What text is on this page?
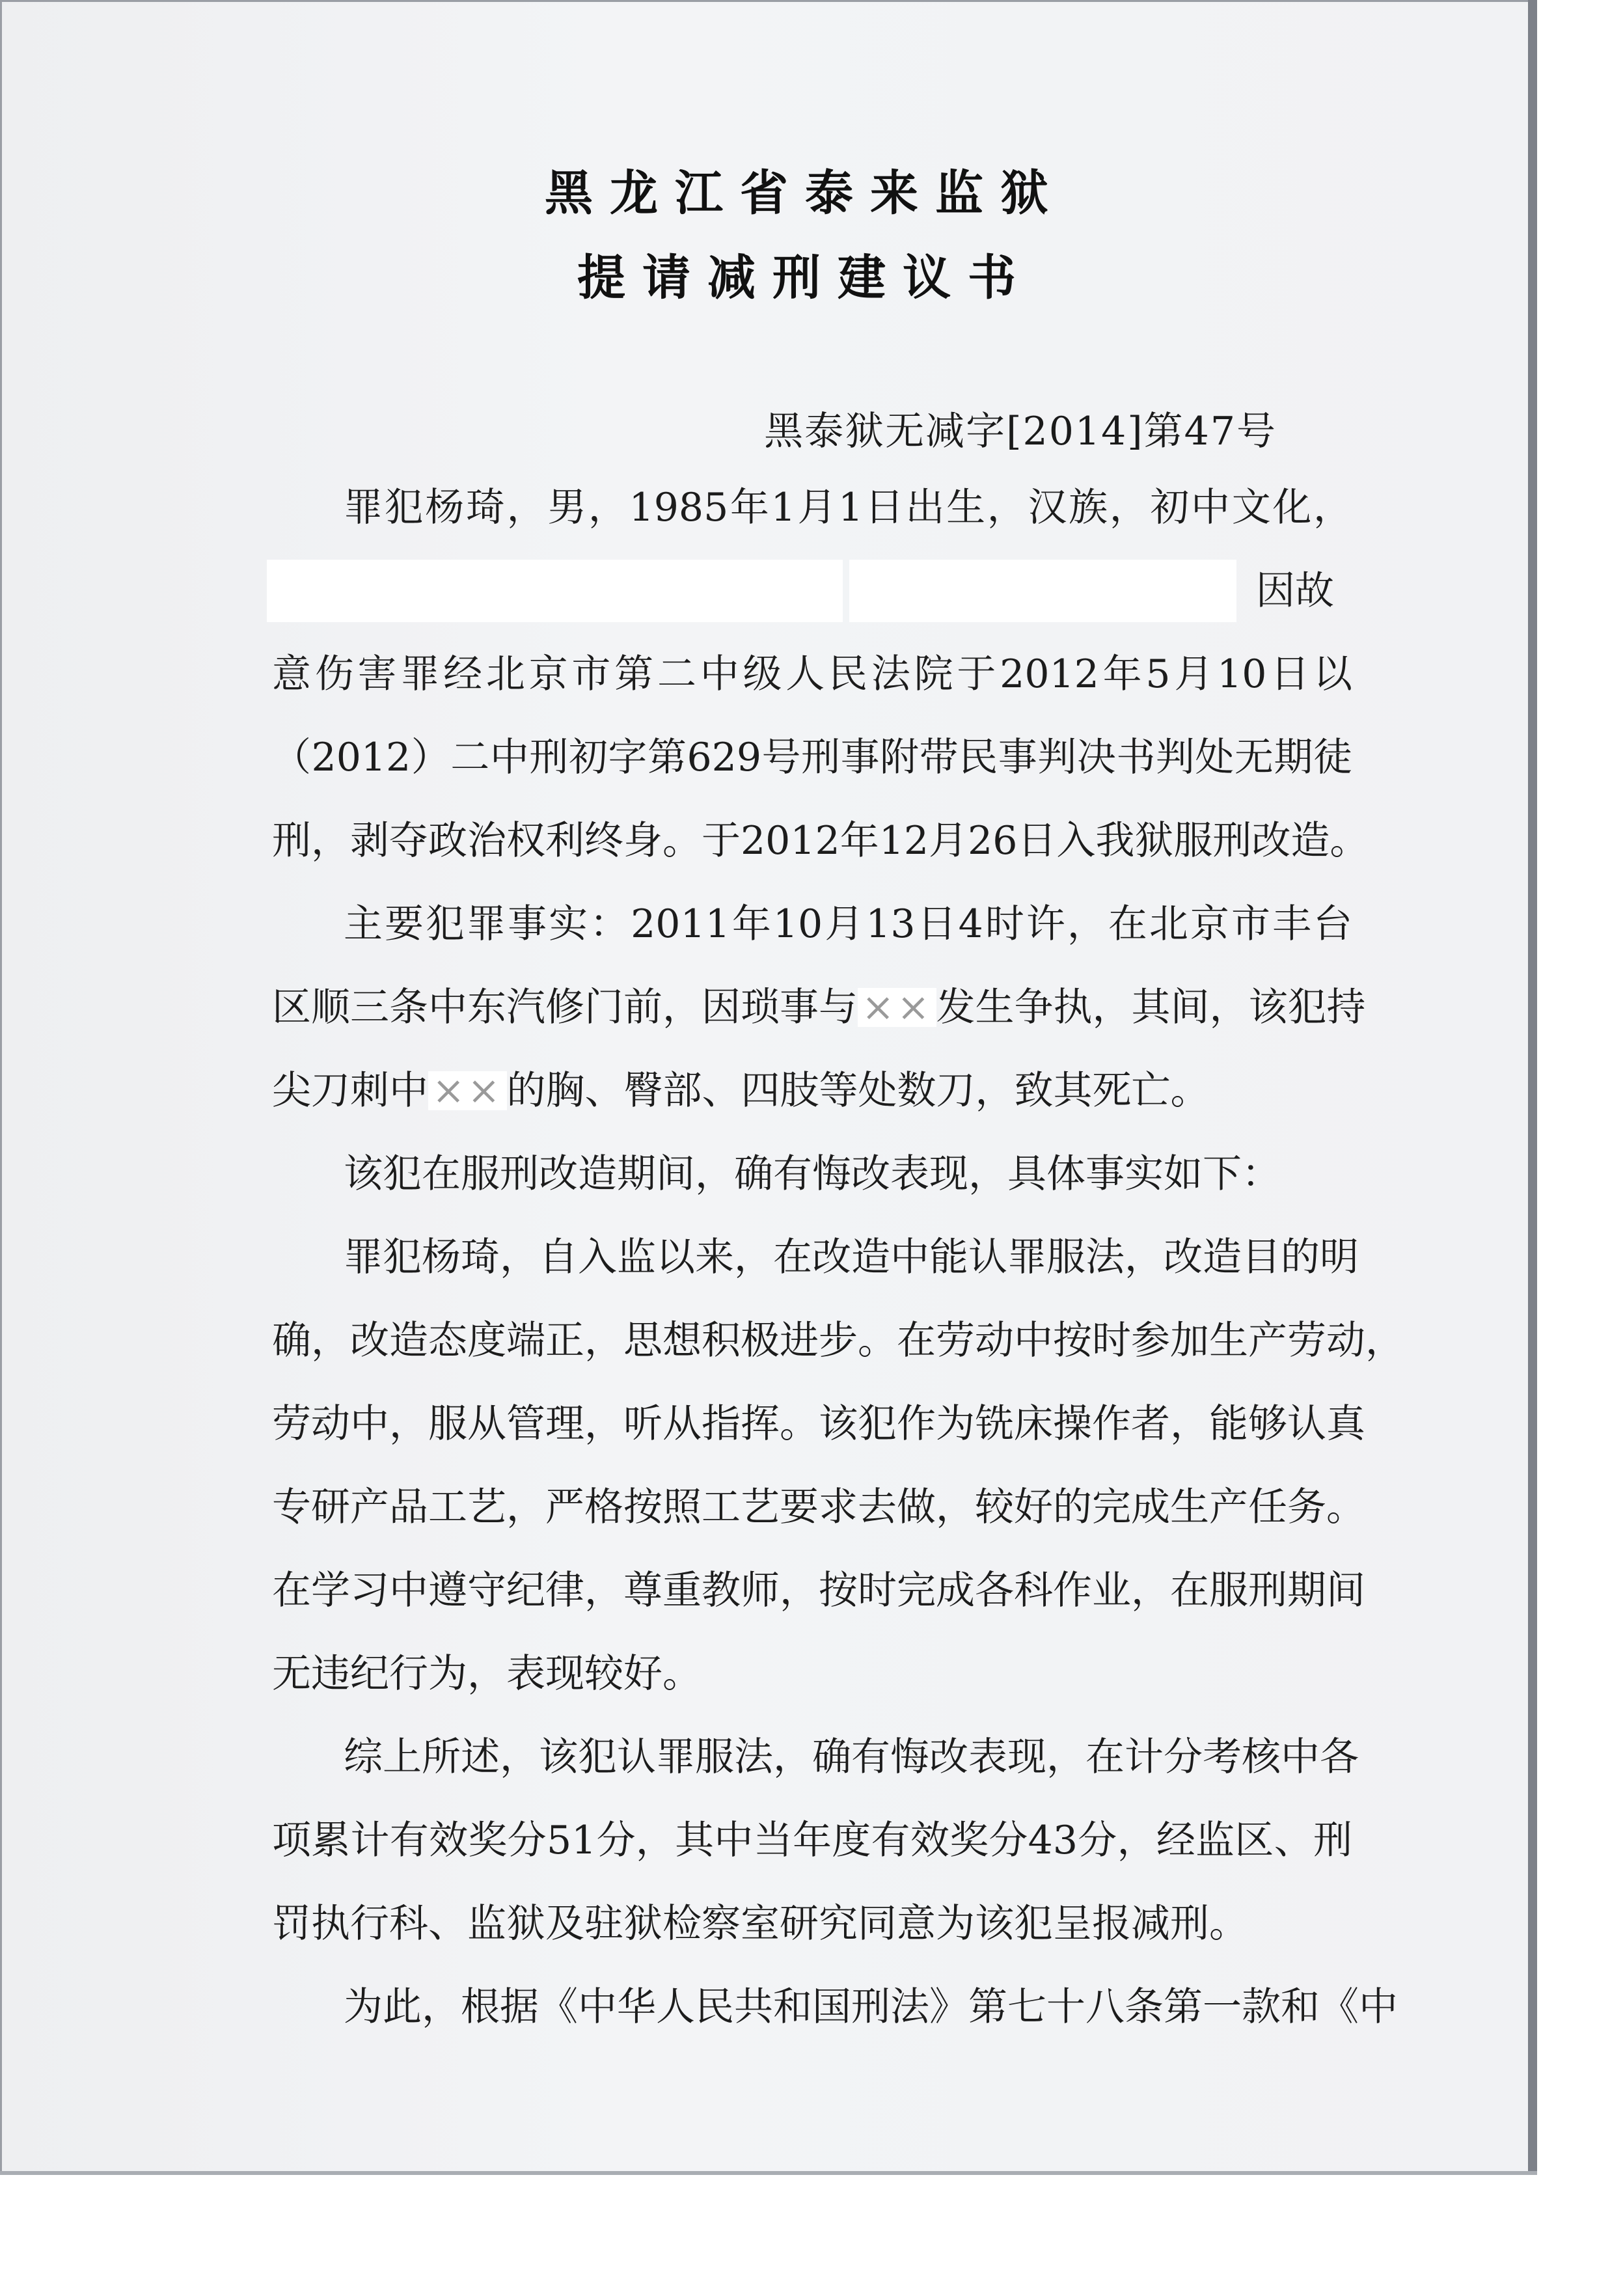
黑龙江省泰来监狱
提请减刑建议书
黑泰狱无减字[2014]第47号
罪犯杨琦，男，1985年1月1日出生，汉族，初中文化，
因故
意伤害罪经北京市第二中级人民法院于2012年5月10日以
（2012）二中刑初字第629号刑事附带民事判决书判处无期徒
刑，剥夺政治权利终身。于2012年12月26日入我狱服刑改造。
主要犯罪事实：2011年10月13日4时许，在北京市丰台
区顺三条中东汽修门前，因琐事与 ×× 发生争执，其间，该犯持
尖刀刺中 ×× 的胸、臀部、四肢等处数刀，致其死亡。
该犯在服刑改造期间，确有悔改表现，具体事实如下：
罪犯杨琦，自入监以来，在改造中能认罪服法，改造目的明
确，改造态度端正，思想积极进步。在劳动中按时参加生产劳动，
劳动中，服从管理，听从指挥。该犯作为铣床操作者，能够认真
专研产品工艺，严格按照工艺要求去做，较好的完成生产任务。
在学习中遵守纪律，尊重教师，按时完成各科作业，在服刑期间
无违纪行为，表现较好。
综上所述，该犯认罪服法，确有悔改表现，在计分考核中各
项累计有效奖分51分，其中当年度有效奖分43分，经监区、刑
罚执行科、监狱及驻狱检察室研究同意为该犯呈报减刑。
为此，根据《中华人民共和国刑法》第七十八条第一款和《中
